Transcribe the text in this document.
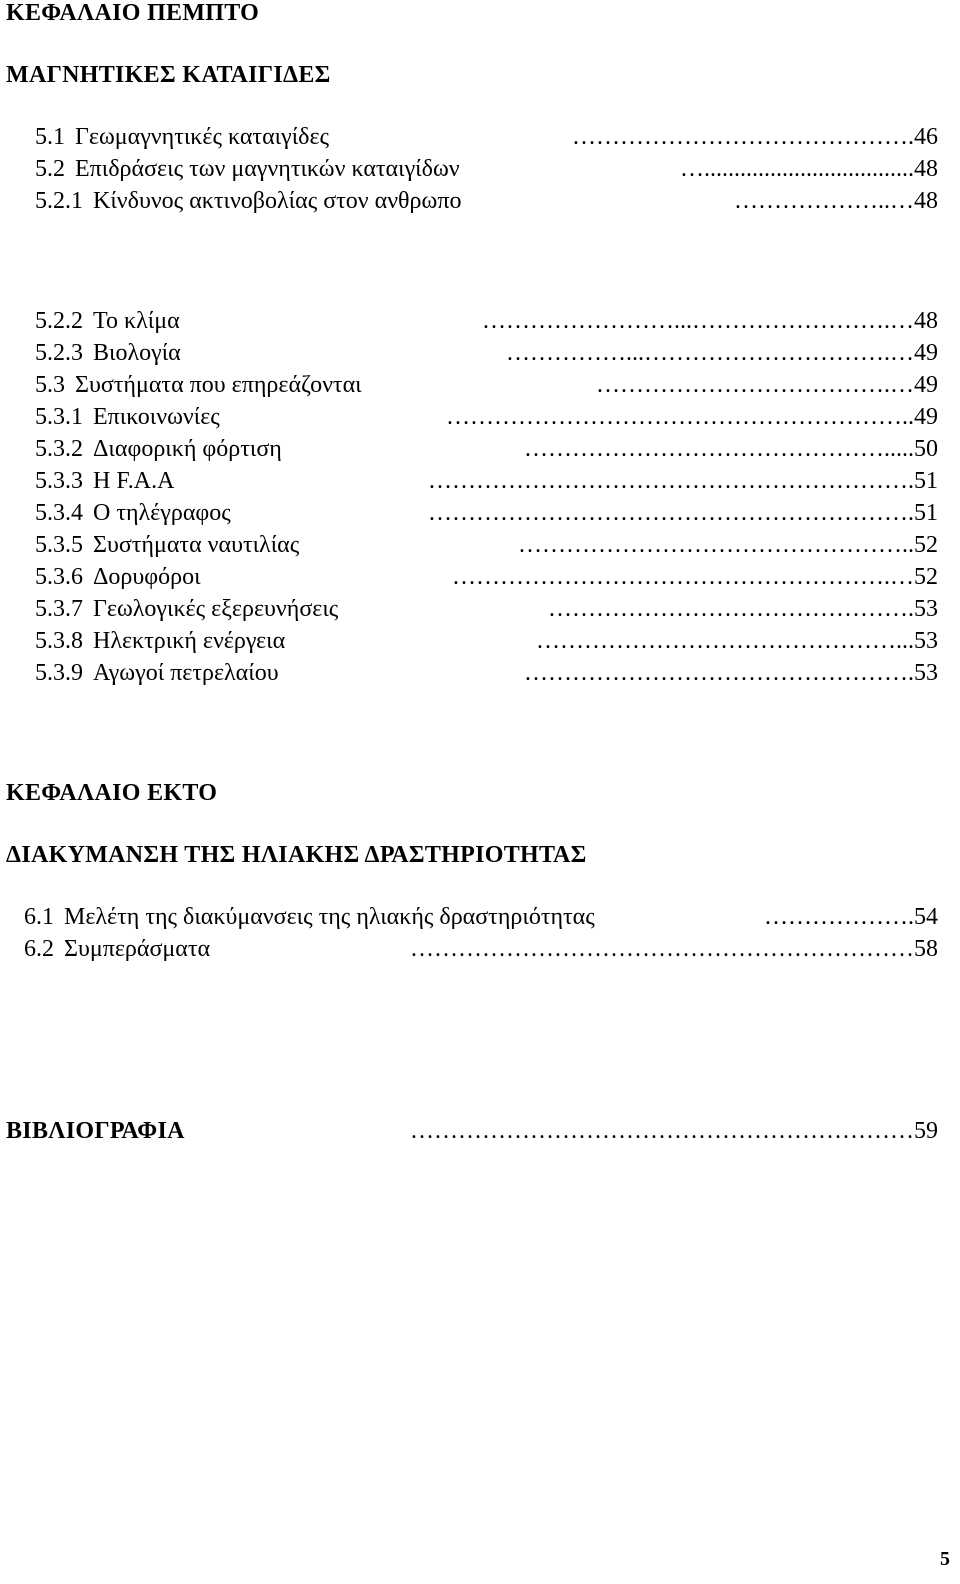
ΚΕΦΑΛΑΙΟ ΠΕΜΠΤΟ
ΜΑΓΝΗΤΙΚΕΣ ΚΑΤΑΙΓΙΔΕΣ
5.1 Γεωμαγνητικές καταιγίδες	……………………………………. 46
5.2 Επιδράσεις των μαγνητικών καταιγίδων	…................................... 48
5.2.1 Κίνδυνος ακτινοβολίας στον ανθρωπο	………………..… 48
5.2.2 Το κλίμα	……………………...…………………….… 48
5.2.3 Βιολογία	……………...………………………….… 49
5.3 Συστήματα που επηρεάζονται	……………………………….… 49
5.3.1 Επικοινωνίες	………………………………………………….. 49
5.3.2 Διαφορική φόρτιση	………………………………………..... 50
5.3.3 Η F.A.A	……………………………………………………. 51
5.3.4 Ο τηλέγραφος	……………………………………………………. 51
5.3.5 Συστήματα ναυτιλίας	………………………………………….. 52
5.3.6 Δορυφόροι	……………………………………………….… 52
5.3.7 Γεωλογικές εξερευνήσεις	………………………………………. 53
5.3.8 Ηλεκτρική ενέργεια	………………………………………... 53
5.3.9 Αγωγοί πετρελαίου	…………………………………………. 53
ΚΕΦΑΛΑΙΟ ΕΚΤΟ
ΔΙΑΚΥΜΑΝΣΗ ΤΗΣ ΗΛΙΑΚΗΣ ΔΡΑΣΤΗΡΙΟΤΗΤΑΣ
6.1 Μελέτη της διακύμανσεις της ηλιακής δραστηριότητας	………………. 54
6.2 Συμπεράσματα	……………………………………………………… 58
ΒΙΒΛΙΟΓΡΑΦΙΑ	……………………………………………………… 59
5
